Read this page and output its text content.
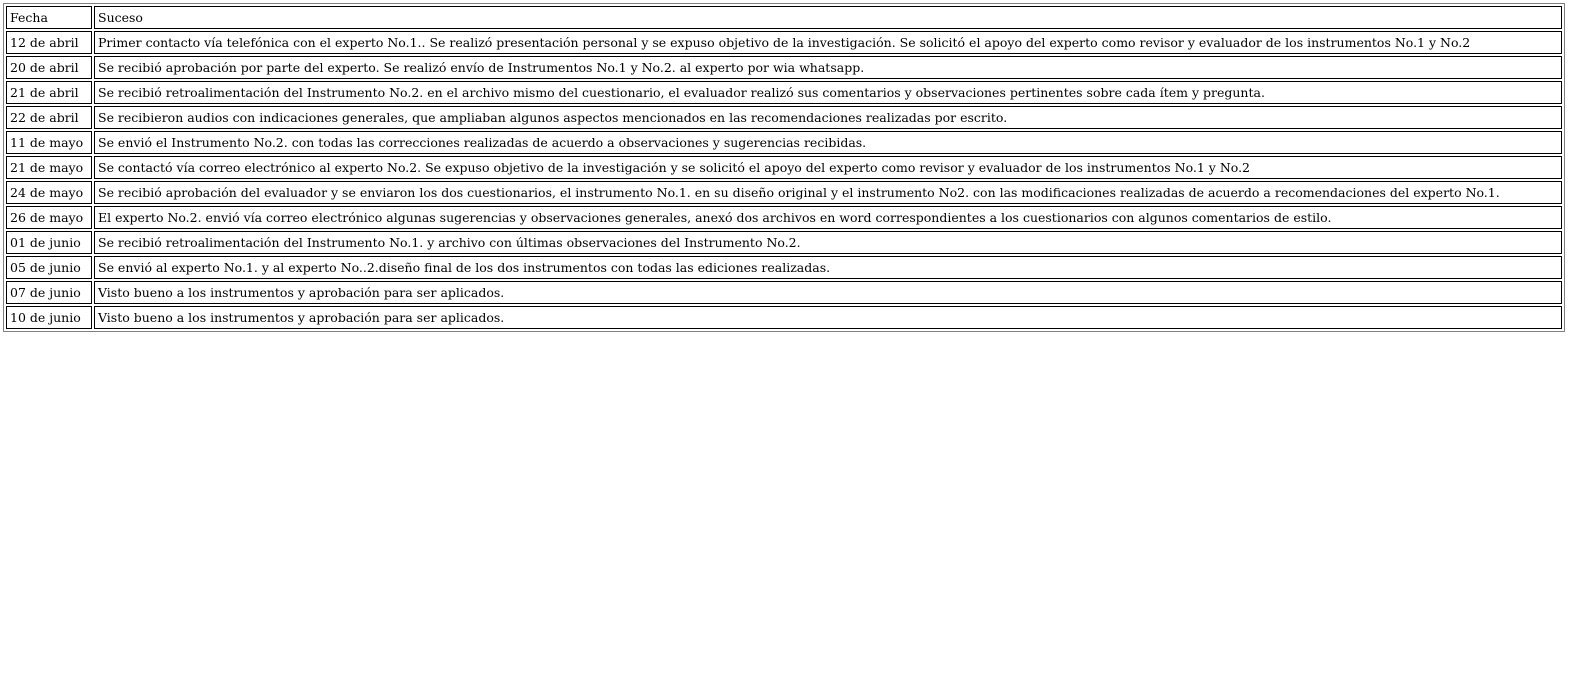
Fecha	Suceso
12 de abril	Primer contacto vía telefónica con el experto No.1.. Se realizó presentación personal y se expuso objetivo de la investigación. Se solicitó el apoyo del experto como revisor y evaluador de los instrumentos No.1 y No.2
20 de abril	Se recibió aprobación por parte del experto. Se realizó envío de Instrumentos No.1 y No.2. al experto por wia whatsapp.
21 de abril	Se recibió retroalimentación del Instrumento No.2. en el archivo mismo del cuestionario, el evaluador realizó sus comentarios y observaciones pertinentes sobre cada ítem y pregunta.
22 de abril	Se recibieron audios con indicaciones generales, que ampliaban algunos aspectos mencionados en las recomendaciones realizadas por escrito.
11 de mayo	Se envió el Instrumento No.2. con todas las correcciones realizadas de acuerdo a observaciones y sugerencias recibidas.
21 de mayo	Se contactó vía correo electrónico al experto No.2. Se expuso objetivo de la investigación y se solicitó el apoyo del experto como revisor y evaluador de los instrumentos No.1 y No.2
24 de mayo	Se recibió aprobación del evaluador y se enviaron los dos cuestionarios, el instrumento No.1. en su diseño original y el instrumento No2. con las modificaciones realizadas de acuerdo a recomendaciones del experto No.1.
26 de mayo	El experto No.2. envió vía correo electrónico algunas sugerencias y observaciones generales, anexó dos archivos en word correspondientes a los cuestionarios con algunos comentarios de estilo.
01 de junio	Se recibió retroalimentación del Instrumento No.1. y archivo con últimas observaciones del Instrumento No.2.
05 de junio	Se envió al experto No.1. y al experto No..2.diseño final de los dos instrumentos con todas las ediciones realizadas.
07 de junio	Visto bueno a los instrumentos y aprobación para ser aplicados.
10 de junio	Visto bueno a los instrumentos y aprobación para ser aplicados.
